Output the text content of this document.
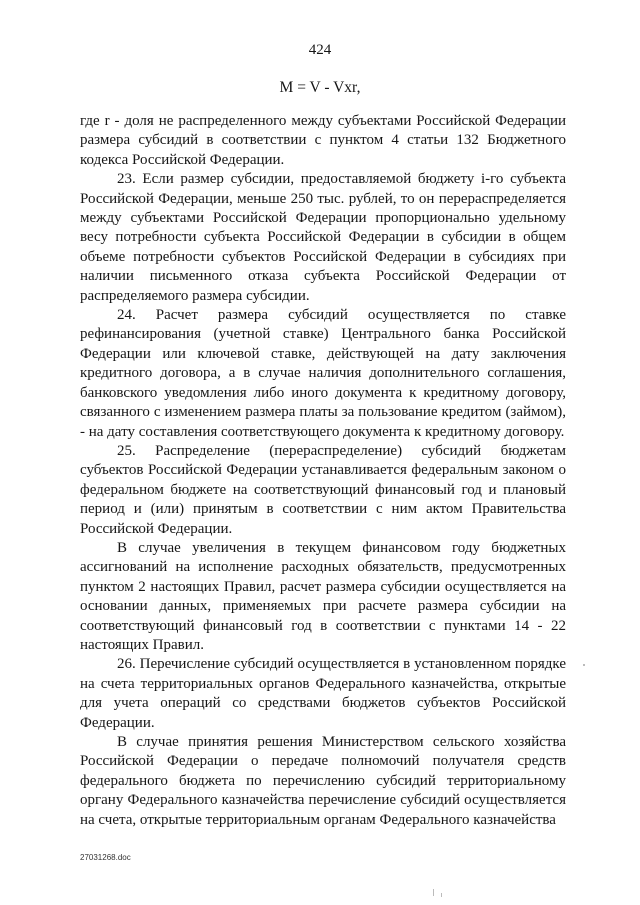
424
M = V - Vxr,

где r - доля не распределенного между субъектами Российской Федерации размера субсидий в соответствии с пунктом 4 статьи 132 Бюджетного кодекса Российской Федерации.

23. Если размер субсидии, предоставляемой бюджету i-го субъекта Российской Федерации, меньше 250 тыс. рублей, то он перераспределяется между субъектами Российской Федерации пропорционально удельному весу потребности субъекта Российской Федерации в субсидии в общем объеме потребности субъектов Российской Федерации в субсидиях при наличии письменного отказа субъекта Российской Федерации от распределяемого размера субсидии.

24. Расчет размера субсидий осуществляется по ставке рефинансирования (учетной ставке) Центрального банка Российской Федерации или ключевой ставке, действующей на дату заключения кредитного договора, а в случае наличия дополнительного соглашения, банковского уведомления либо иного документа к кредитному договору, связанного с изменением размера платы за пользование кредитом (займом), - на дату составления соответствующего документа к кредитному договору.

25. Распределение (перераспределение) субсидий бюджетам субъектов Российской Федерации устанавливается федеральным законом о федеральном бюджете на соответствующий финансовый год и плановый период и (или) принятым в соответствии с ним актом Правительства Российской Федерации.

В случае увеличения в текущем финансовом году бюджетных ассигнований на исполнение расходных обязательств, предусмотренных пунктом 2 настоящих Правил, расчет размера субсидии осуществляется на основании данных, применяемых при расчете размера субсидии на соответствующий финансовый год в соответствии с пунктами 14 - 22 настоящих Правил.

26. Перечисление субсидий осуществляется в установленном порядке на счета территориальных органов Федерального казначейства, открытые для учета операций со средствами бюджетов субъектов Российской Федерации.

В случае принятия решения Министерством сельского хозяйства Российской Федерации о передаче полномочий получателя средств федерального бюджета по перечислению субсидий территориальному органу Федерального казначейства перечисление субсидий осуществляется на счета, открытые территориальным органам Федерального казначейства

27031268.doc
